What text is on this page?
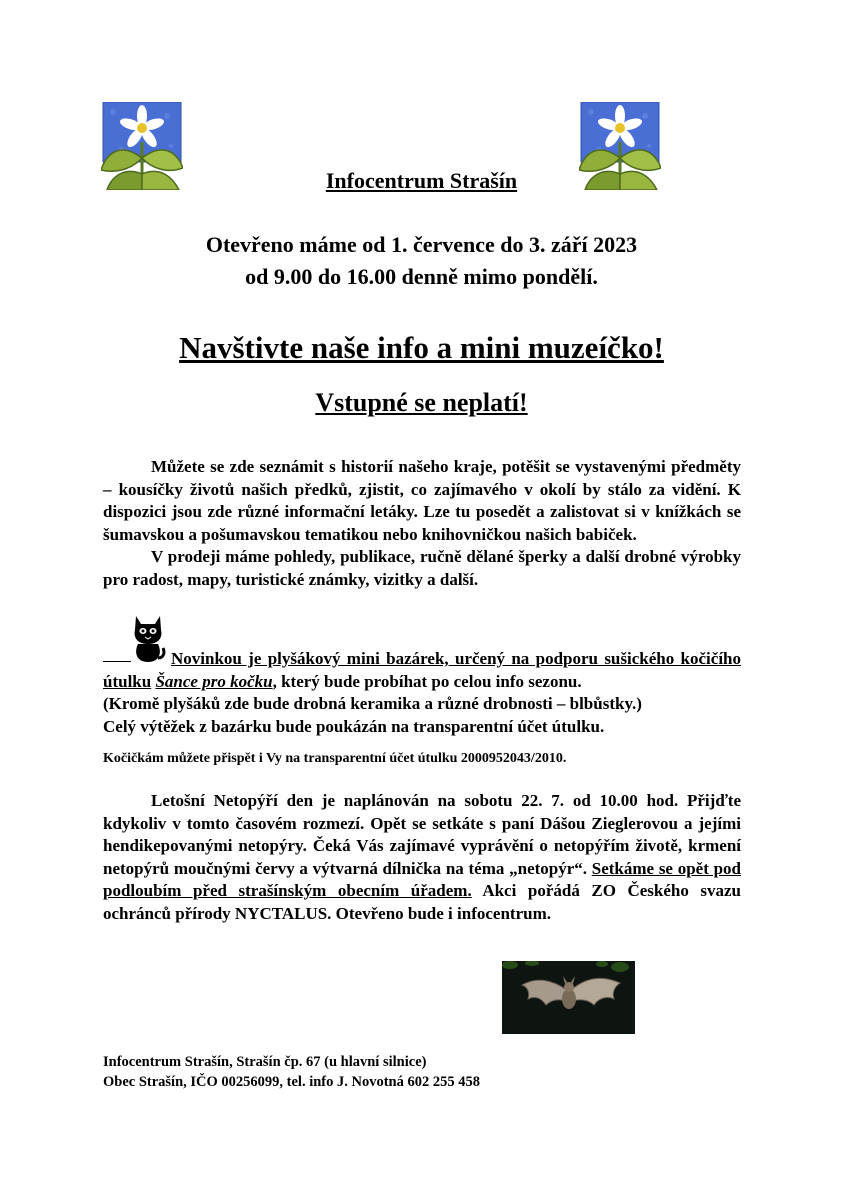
Infocentrum Strašín
Otevřeno máme od 1. července do 3. září 2023
od 9.00 do 16.00 denně mimo pondělí.
Navštivte naše info a mini muzeíčko!
Vstupné se neplatí!

Můžete se zde seznámit s historií našeho kraje, potěšit se vystavenými předměty – kousíčky životů našich předků, zjistit, co zajímavého v okolí by stálo za vidění. K dispozici jsou zde různé informační letáky. Lze tu posedět a zalistovat si v knížkách se šumavskou a pošumavskou tematikou nebo knihovničkou našich babiček.

V prodeji máme pohledy, publikace, ručně dělané šperky a další drobné výrobky pro radost, mapy, turistické známky, vizitky a další.

Novinkou je plyšákový mini bazárek, určený na podporu sušického kočičího útulku Šance pro kočku, který bude probíhat po celou info sezonu.

(Kromě plyšáků zde bude drobná keramika a různé drobnosti – blbůstky.)

Celý výtěžek z bazárku bude poukázán na transparentní účet útulku.

Kočičkám můžete přispět i Vy na transparentní účet útulku 2000952043/2010.

Letošní Netopýří den je naplánován na sobotu 22. 7. od 10.00 hod. Přijďte kdykoliv v tomto časovém rozmezí. Opět se setkáte s paní Dášou Zieglerovou a jejími hendikepovanými netopýry. Čeká Vás zajímavé vyprávění o netopýřím životě, krmení netopýrů moučnými červy a výtvarná dílnička na téma „netopýr“. Setkáme se opět pod podloubím před strašínským obecním úřadem. Akci pořádá ZO Českého svazu ochránců přírody NYCTALUS. Otevřeno bude i infocentrum.

Infocentrum Strašín, Strašín čp. 67 (u hlavní silnice)
Obec Strašín, IČO 00256099, tel. info J. Novotná 602 255 458
